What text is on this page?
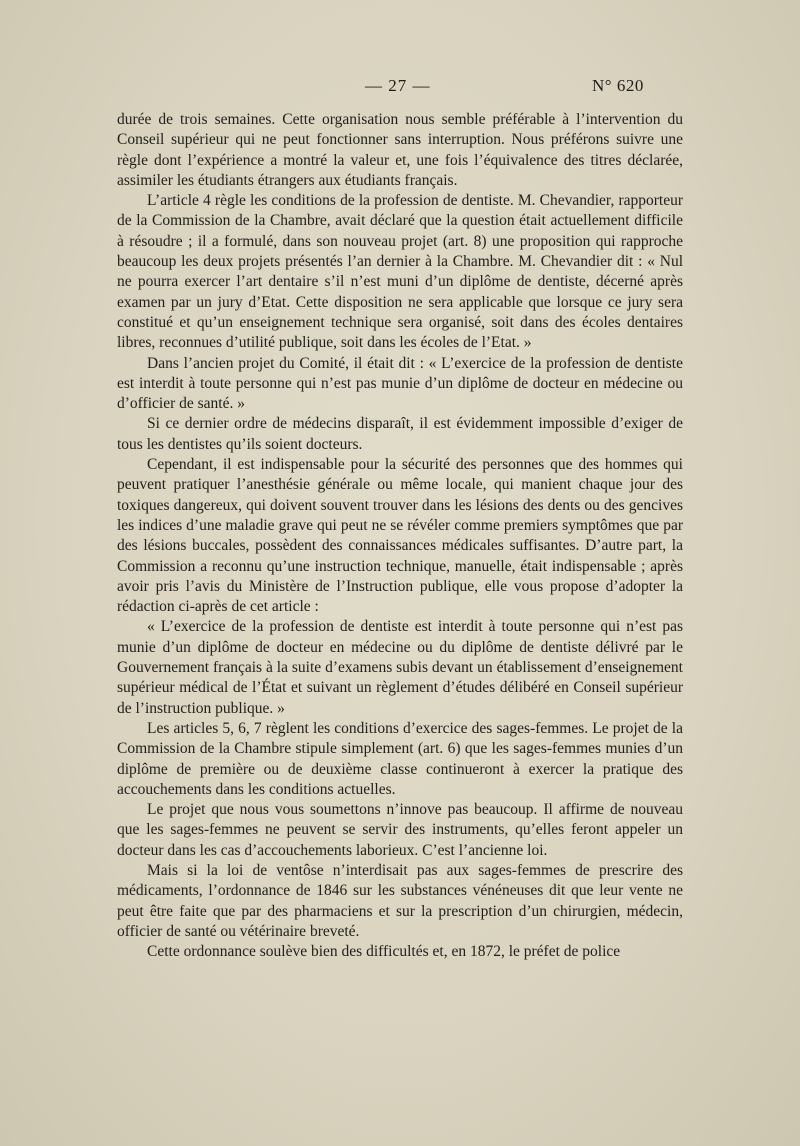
— 27 —	N° 620

durée de trois semaines. Cette organisation nous semble préférable à l’intervention du Conseil supérieur qui ne peut fonctionner sans interruption. Nous préférons suivre une règle dont l’expérience a montré la valeur et, une fois l’équivalence des titres déclarée, assimiler les étudiants étrangers aux étudiants français.

L’article 4 règle les conditions de la profession de dentiste. M. Chevandier, rapporteur de la Commission de la Chambre, avait déclaré que la question était actuellement difficile à résoudre ; il a formulé, dans son nouveau projet (art. 8) une proposition qui rapproche beaucoup les deux projets présentés l’an dernier à la Chambre. M. Chevandier dit : « Nul ne pourra exercer l’art dentaire s’il n’est muni d’un diplôme de dentiste, décerné après examen par un jury d’Etat. Cette disposition ne sera applicable que lorsque ce jury sera constitué et qu’un enseignement technique sera organisé, soit dans des écoles dentaires libres, reconnues d’utilité publique, soit dans les écoles de l’Etat. »

Dans l’ancien projet du Comité, il était dit : « L’exercice de la profession de dentiste est interdit à toute personne qui n’est pas munie d’un diplôme de docteur en médecine ou d’officier de santé. »

Si ce dernier ordre de médecins disparaît, il est évidemment impossible d’exiger de tous les dentistes qu’ils soient docteurs.

Cependant, il est indispensable pour la sécurité des personnes que des hommes qui peuvent pratiquer l’anesthésie générale ou même locale, qui manient chaque jour des toxiques dangereux, qui doivent souvent trouver dans les lésions des dents ou des gencives les indices d’une maladie grave qui peut ne se révéler comme premiers symptômes que par des lésions buccales, possèdent des connaissances médicales suffisantes. D’autre part, la Commission a reconnu qu’une instruction technique, manuelle, était indispensable ; après avoir pris l’avis du Ministère de l’Instruction publique, elle vous propose d’adopter la rédaction ci-après de cet article :

« L’exercice de la profession de dentiste est interdit à toute personne qui n’est pas munie d’un diplôme de docteur en médecine ou du diplôme de dentiste délivré par le Gouvernement français à la suite d’examens subis devant un établissement d’enseignement supérieur médical de l’État et suivant un règlement d’études délibéré en Conseil supérieur de l’instruction publique. »

Les articles 5, 6, 7 règlent les conditions d’exercice des sages-femmes. Le projet de la Commission de la Chambre stipule simplement (art. 6) que les sages-femmes munies d’un diplôme de première ou de deuxième classe continueront à exercer la pratique des accouchements dans les conditions actuelles.

Le projet que nous vous soumettons n’innove pas beaucoup. Il affirme de nouveau que les sages-femmes ne peuvent se servir des instruments, qu’elles feront appeler un docteur dans les cas d’accouchements laborieux. C’est l’ancienne loi.

Mais si la loi de ventôse n’interdisait pas aux sages-femmes de prescrire des médicaments, l’ordonnance de 1846 sur les substances vénéneuses dit que leur vente ne peut être faite que par des pharmaciens et sur la prescription d’un chirurgien, médecin, officier de santé ou vétérinaire breveté.

Cette ordonnance soulève bien des difficultés et, en 1872, le préfet de police
